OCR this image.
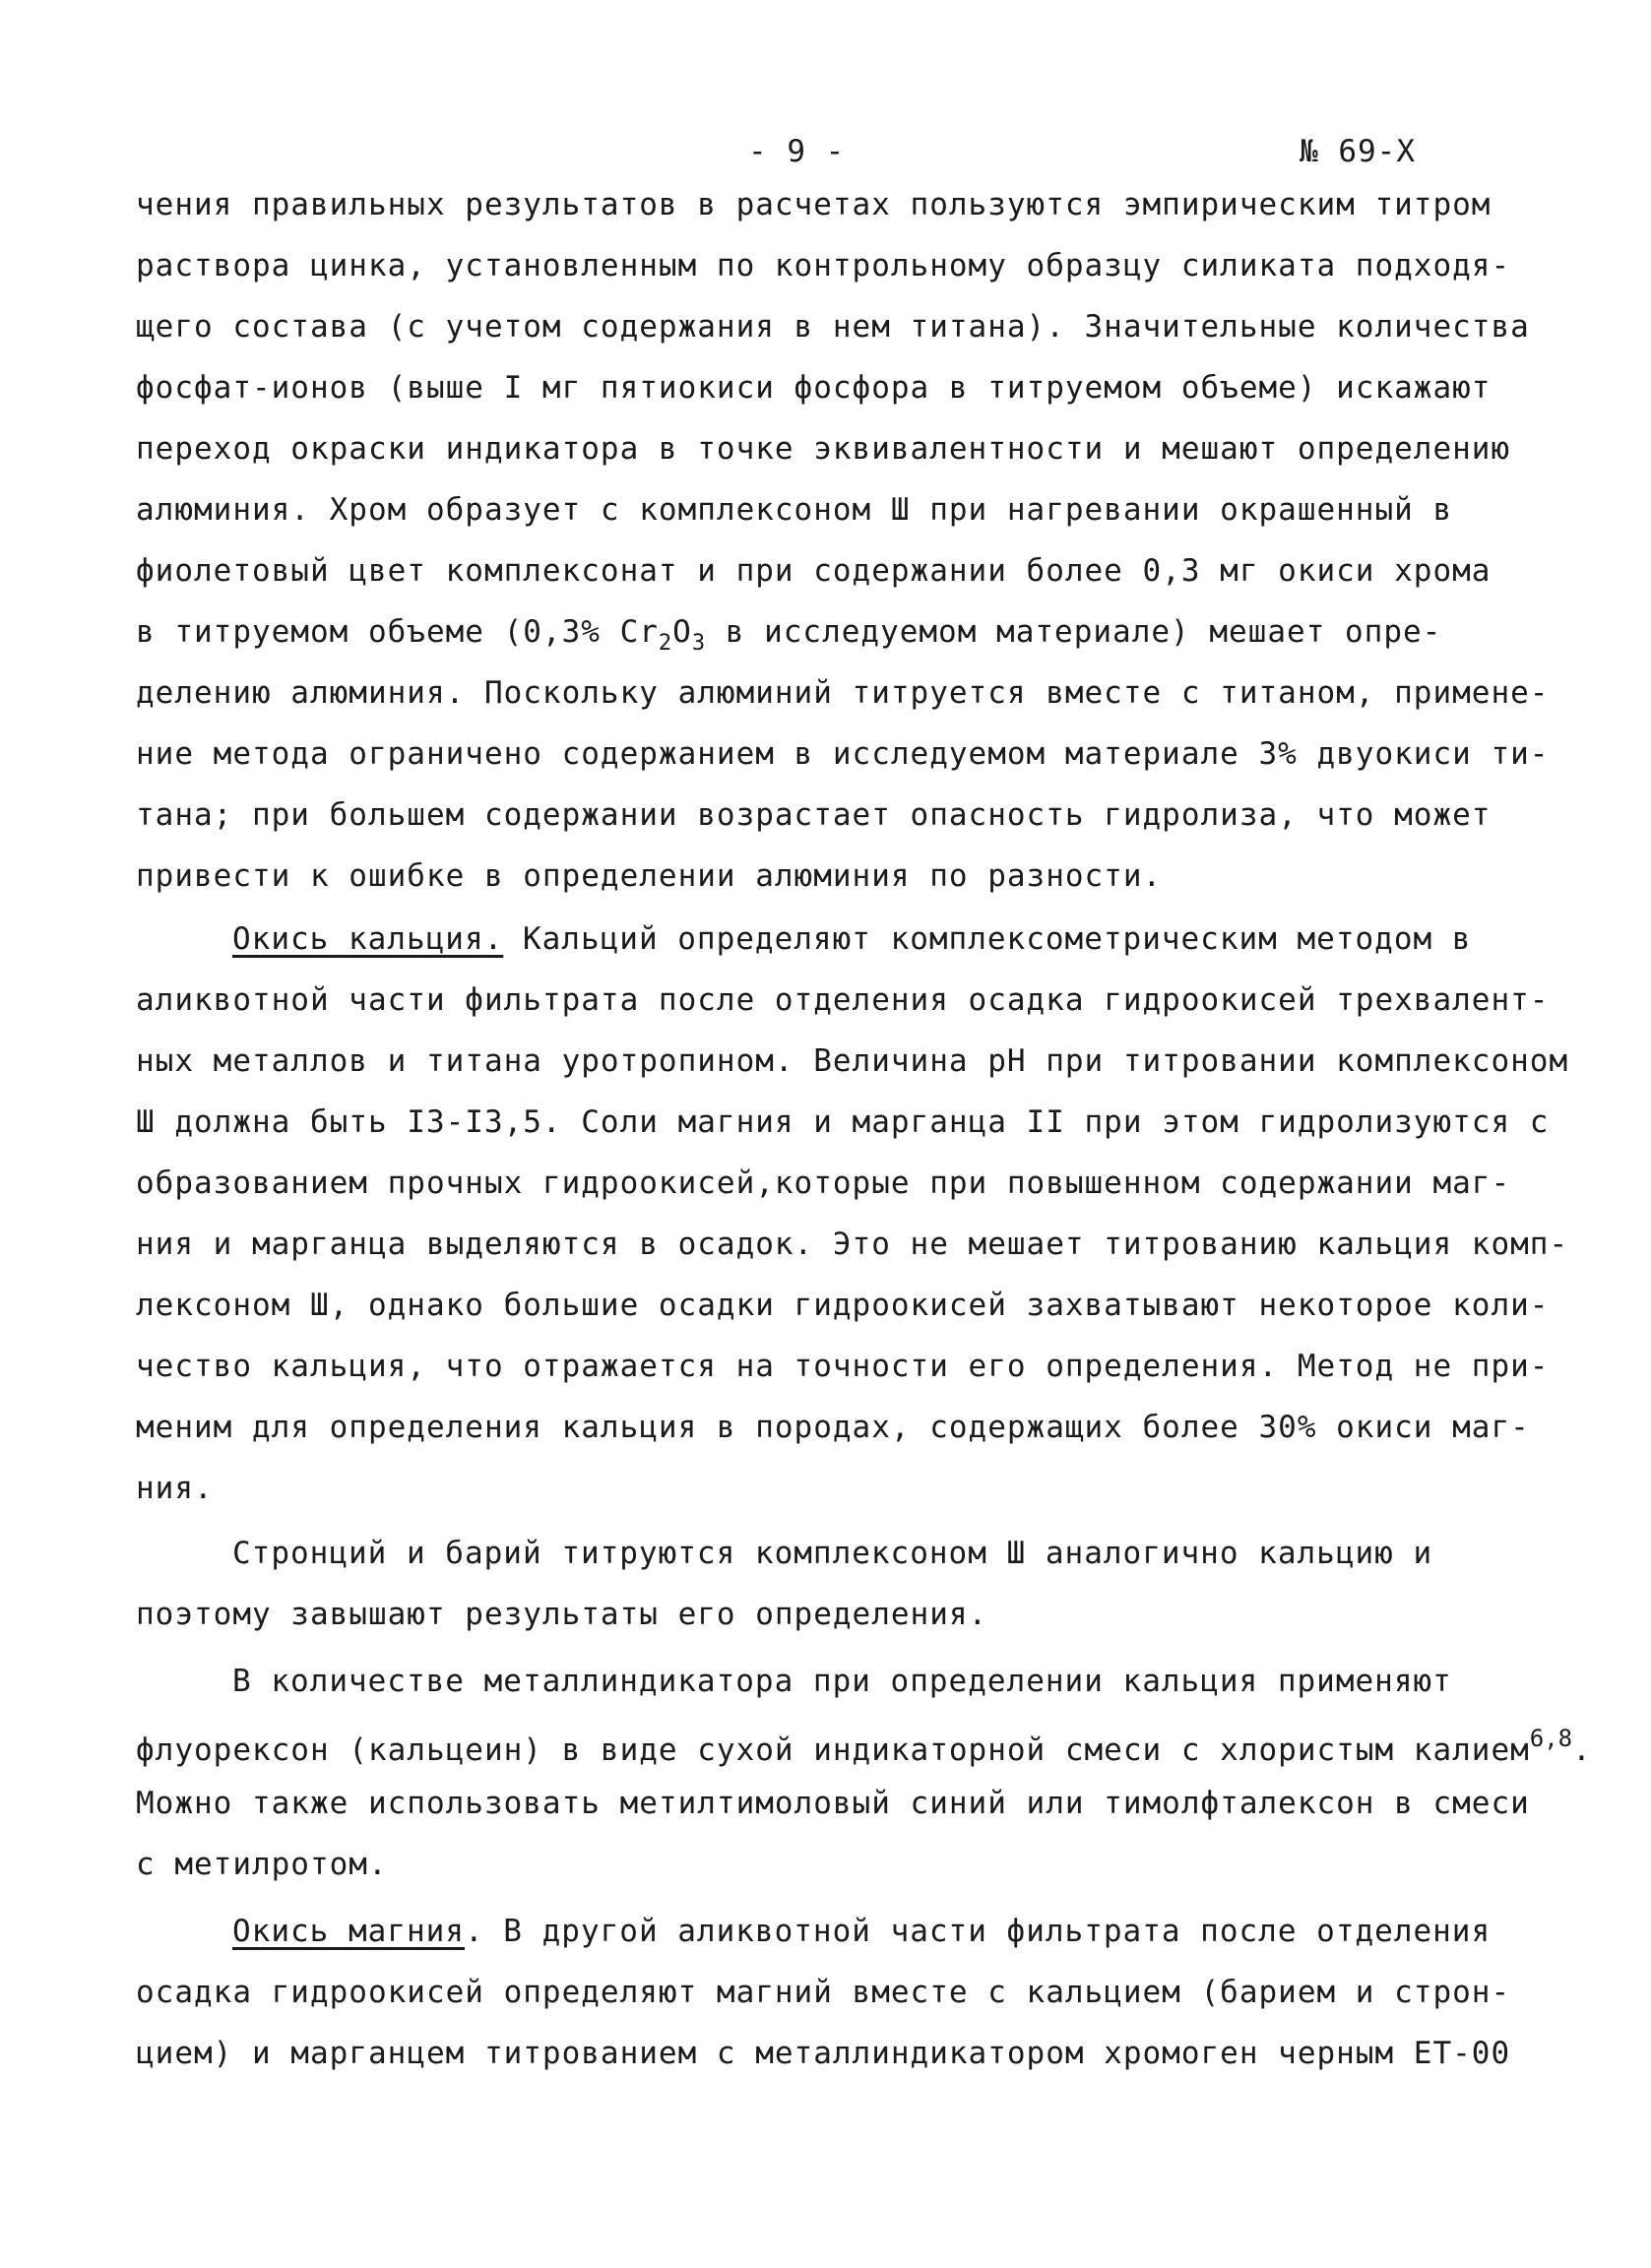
- 9 -	№ 69-Х
чения правильных результатов в расчетах пользуются эмпирическим титром
раствора цинка, установленным по контрольному образцу силиката подходя-
щего состава (с учетом содержания в нем титана). Значительные количества
фосфат-ионов (выше I мг пятиокиси фосфора в титруемом объеме) искажают
переход окраски индикатора в точке эквивалентности и мешают определению
алюминия. Хром образует с комплексоном Ш при нагревании окрашенный в
фиолетовый цвет комплексонат и при содержании более 0,3 мг окиси хрома
в титруемом объеме (0,3% $Cr_2O_3$ в исследуемом материале) мешает опре-
делению алюминия. Поскольку алюминий титруется вместе с титаном, примене-
ние метода ограничено содержанием в исследуемом материале 3% двуокиси ти-
тана; при большем содержании возрастает опасность гидролиза, что может
привести к ошибке в определении алюминия по разности.
Окись кальция. Кальций определяют комплексометрическим методом в
аликвотной части фильтрата после отделения осадка гидроокисей трехвалент-
ных металлов и титана уротропином. Величина pH при титровании комплексоном
Ш должна быть I3-I3,5. Соли магния и марганца II при этом гидролизуются с
образованием прочных гидроокисей,которые при повышенном содержании маг-
ния и марганца выделяются в осадок. Это не мешает титрованию кальция комп-
лексоном Ш, однако большие осадки гидроокисей захватывают некоторое коли-
чество кальция, что отражается на точности его определения. Метод не при-
меним для определения кальция в породах, содержащих более 30% окиси маг-
ния.
Стронций и барий титруются комплексоном Ш аналогично кальцию и
поэтому завышают результаты его определения.
В количестве металлиндикатора при определении кальция применяют
флуорексон (кальцеин) в виде сухой индикаторной смеси с хлористым калием$^{6,8}$.
Можно также использовать метилтимоловый синий или тимолфталексон в смеси
с метилротом.
Окись магния. В другой аликвотной части фильтрата после отделения
осадка гидроокисей определяют магний вместе с кальцием (барием и строн-
цием) и марганцем титрованием с металлиндикатором хромоген черным ЕТ-00
